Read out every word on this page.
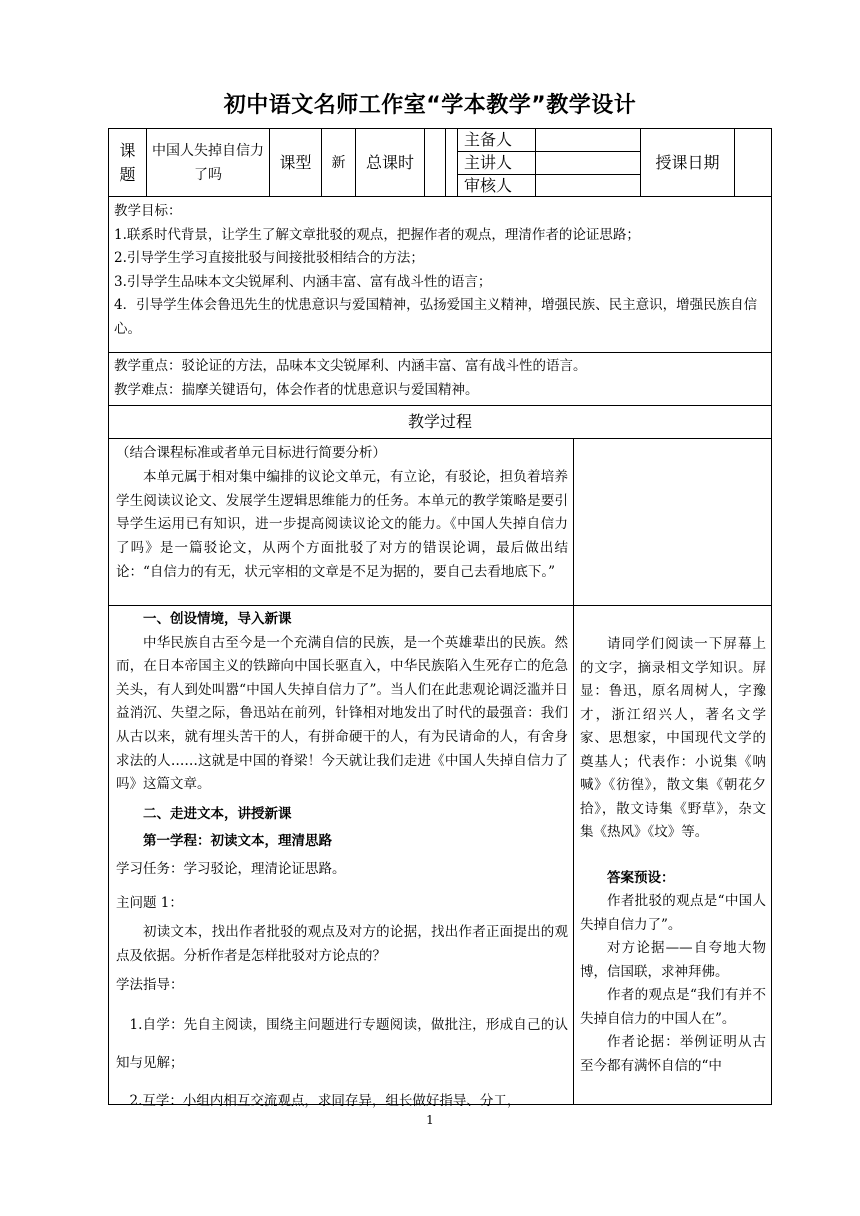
初中语文名师工作室“学本教学”教学设计
课题
中国人失掉自信力了吗
课型	新	总课时
主备人
主讲人
审核人
授课日期
教学目标：
1.联系时代背景，让学生了解文章批驳的观点，把握作者的观点，理清作者的论证思路；
2.引导学生学习直接批驳与间接批驳相结合的方法；
3.引导学生品味本文尖锐犀利、内涵丰富、富有战斗性的语言；
4．引导学生体会鲁迅先生的忧患意识与爱国精神，弘扬爱国主义精神，增强民族、民主意识，增强民族自信心。
教学重点：驳论证的方法，品味本文尖锐犀利、内涵丰富、富有战斗性的语言。
教学难点：揣摩关键语句，体会作者的忧患意识与爱国精神。
教学过程
（结合课程标准或者单元目标进行简要分析）

本单元属于相对集中编排的议论文单元，有立论，有驳论，担负着培养学生阅读议论文、发展学生逻辑思维能力的任务。本单元的教学策略是要引导学生运用已有知识，进一步提高阅读议论文的能力。《中国人失掉自信力了吗》是一篇驳论文，从两个方面批驳了对方的错误论调，最后做出结论：“自信力的有无，状元宰相的文章是不足为据的，要自己去看地底下。”

一、创设情境，导入新课

中华民族自古至今是一个充满自信的民族，是一个英雄辈出的民族。然而，在日本帝国主义的铁蹄向中国长驱直入，中华民族陷入生死存亡的危急关头，有人到处叫嚣“中国人失掉自信力了”。当人们在此悲观论调泛滥并日益消沉、失望之际，鲁迅站在前列，针锋相对地发出了时代的最强音：我们从古以来，就有埋头苦干的人，有拼命硬干的人，有为民请命的人，有舍身求法的人……这就是中国的脊梁！今天就让我们走进《中国人失掉自信力了吗》这篇文章。

二、走进文本，讲授新课
第一学程：初读文本，理清思路
学习任务：学习驳论，理清论证思路。
主问题 1：

初读文本，找出作者批驳的观点及对方的论据，找出作者正面提出的观点及依据。分析作者是怎样批驳对方论点的？

学法指导：

1.自学：先自主阅读，围绕主问题进行专题阅读，做批注，形成自己的认知与见解；

2.互学：小组内相互交流观点，求同存异，组长做好指导、分工，

请同学们阅读一下屏幕上的文字，摘录相文学知识。屏显：鲁迅，原名周树人，字豫才，浙江绍兴人，著名文学家、思想家，中国现代文学的奠基人；代表作：小说集《呐喊》《彷徨》，散文集《朝花夕拾》，散文诗集《野草》，杂文集《热风》《坟》等。

答案预设：

作者批驳的观点是“中国人失掉自信力了”。

对方论据——自夸地大物博，信国联，求神拜佛。

作者的观点是“我们有并不失掉自信力的中国人在”。

作者论据：举例证明从古至今都有满怀自信的“中

1
